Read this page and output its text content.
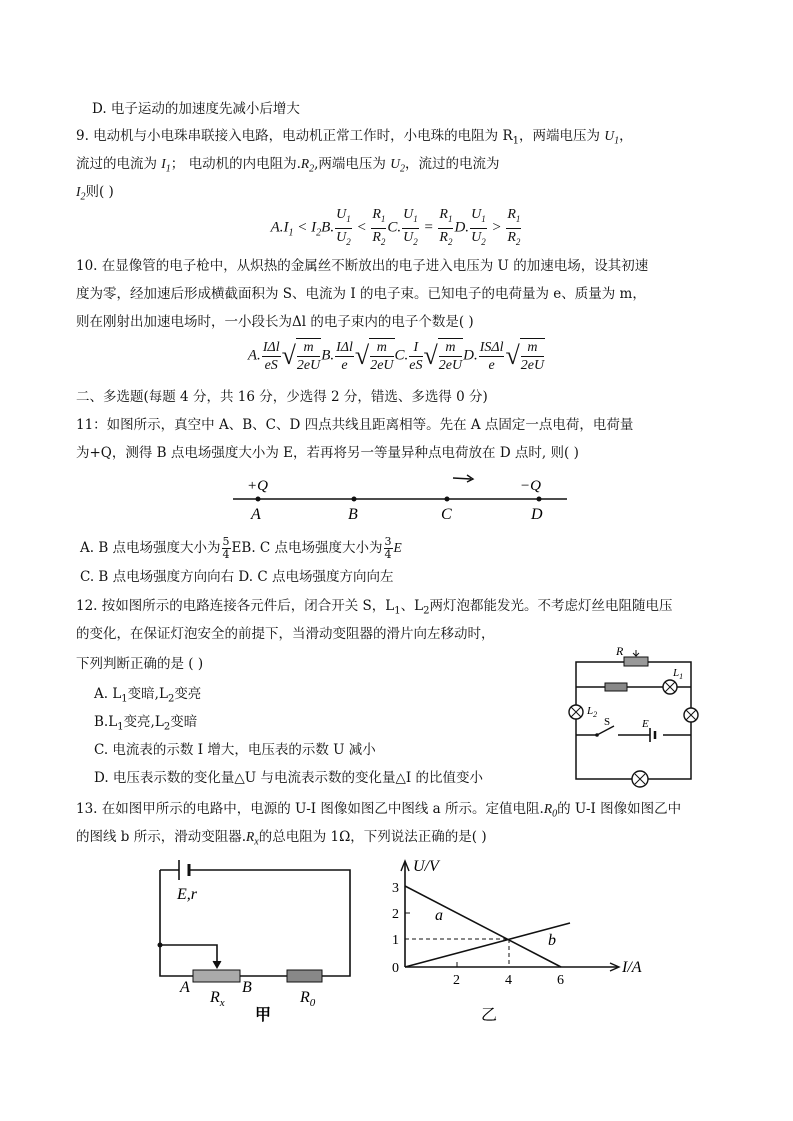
D. 电子运动的加速度先减小后增大
9. 电动机与小电珠串联接入电路，电动机正常工作时，小电珠的电阻为 $R_1$，两端电压为 $U_1$，
流过的电流为 $I_1$； 电动机的内电阻为$.R_2$,两端电压为 $U_2$，流过的电流为
$I_2$则( )
$A.I_1 < I_2B$. $\frac{U_1}{U_2} < \frac{R_1}{R_2} C$. $\frac{U_1}{U_2} = \frac{R_1}{R_2} D$. $\frac{U_1}{U_2} > \frac{R_1}{R_2}$
10. 在显像管的电子枪中，从炽热的金属丝不断放出的电子进入电压为 U 的加速电场，设其初速
度为零，经加速后形成横截面积为 S、电流为 I 的电子束。已知电子的电荷量为 e、质量为 m，
则在刚射出加速电场时，一小段长为Δl 的电子束内的电子个数是( )
A.
IΔl
eS √ $\frac{m}{2eU} B$.
IΔl
e √ $\frac{m}{2eU} C$. $\frac{I}{eS}$ √ $\frac{m}{2eU} D$.
ISΔl
e √ $\frac{m}{2eU}$
二、多选题(每题 4 分，共 16 分，少选得 2 分，错选、多选得 0 分)
11：如图所示，真空中 A、B、C、D 四点共线且距离相等。先在 A 点固定一点电荷，电荷量
为+Q，测得 B 点电场强度大小为 E，若再将另一等量异种点电荷放在 D 点时, 则( )
+Q	−Q
A	B	C	D
A. B 点电场强度大小为 $\frac{5}{4}$ EB. C 点电场强度大小为 $\frac{3}{4}$ E
C. B 点电场强度方向向右 D. C 点电场强度方向向左
12. 按如图所示的电路连接各元件后，闭合开关 S，$L_1$、$L_2$两灯泡都能发光。不考虑灯丝电阻随电压
的变化，在保证灯泡安全的前提下，当滑动变阻器的滑片向左移动时，
下列判断正确的是 ( )
A. $L_1$变暗$,L_2$变亮
$B.L_1$变亮$,L_2$变暗
C. 电流表的示数 I 增大，电压表的示数 U 减小
D. 电压表示数的变化量△U 与电流表示数的变化量△I 的比值变小
R
$L_1$
$L_2$
S	E
13. 在如图甲所示的电路中，电源的 U-I 图像如图乙中图线 a 所示。定值电阻$.R_0$的 U-I 图像如图乙中
的图线 b 所示，滑动变阻器$.R_x$的总电阻为 1Ω，下列说法正确的是( )
E,r
A	B
$R_x$	$R_0$
甲
U/V
I/A
3
2
1
0
2	4	6
a
b
乙
